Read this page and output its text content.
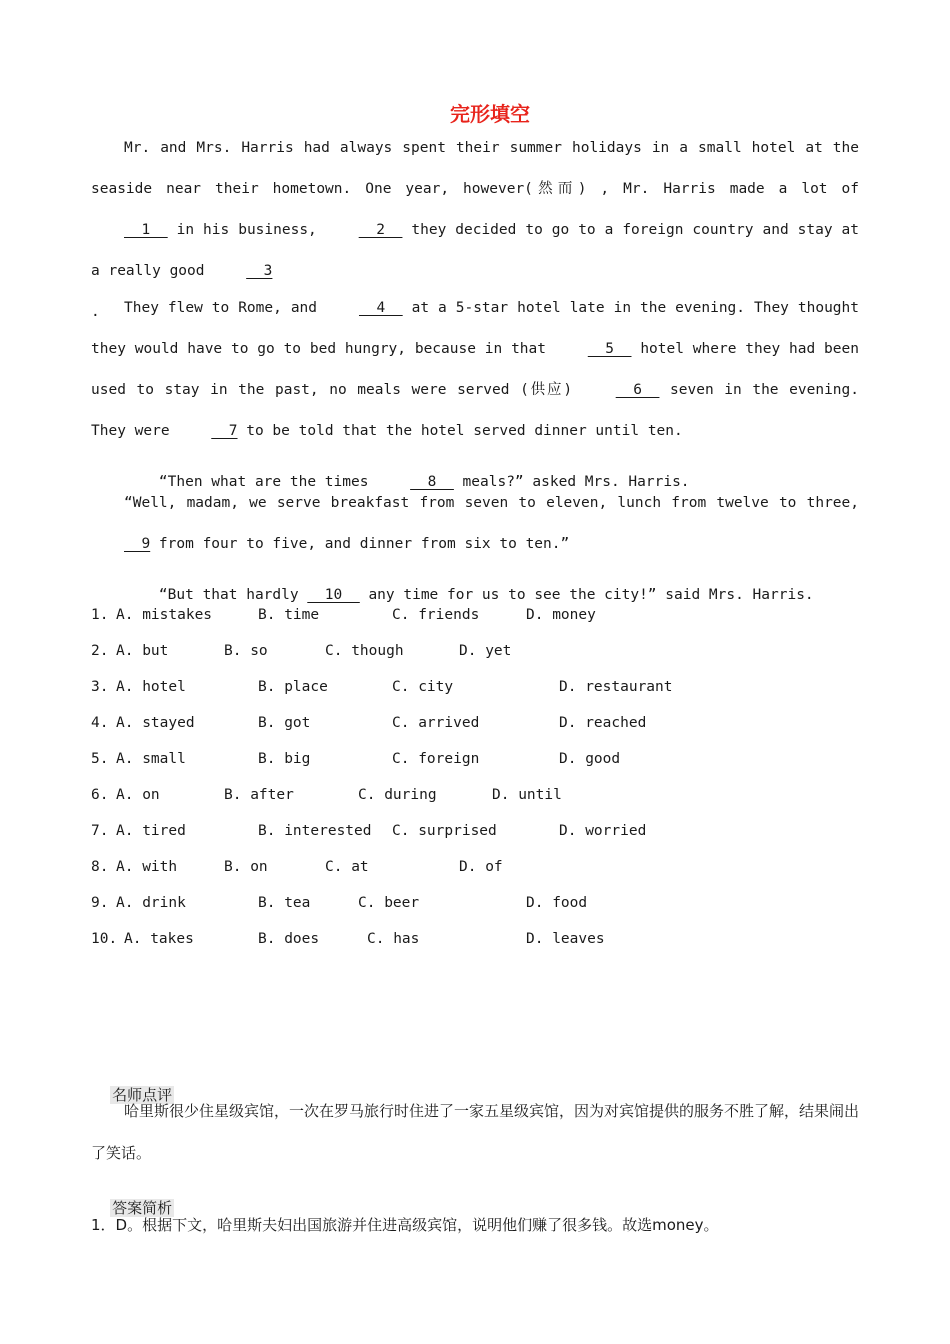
完形填空
Mr. and Mrs. Harris had always spent their summer holidays in a small hotel at the seaside near their hometown. One year, however(然而) , Mr. Harris made a lot of __1__ in his business, __2__ they decided to go to a foreign country and stay at a really good __3
.	They flew to Rome, and __4__ at a 5-star hotel late in the evening. They thought they would have to go to bed hungry, because in that __5__ hotel where they had been used to stay in the past, no meals were served (供应) __6__ seven in the evening. They were __7 to be told that the hotel served dinner until ten.

“Then what are the times __8__ meals?” asked Mrs. Harris.

“Well, madam, we serve breakfast from seven to eleven, lunch from twelve to three, __9 from four to five, and dinner from six to ten.”

“But that hardly __10__ any time for us to see the city!” said Mrs. Harris.

1.

A. mistakes

	B. time

	C. friends

	D. money

2.

A. but

	B. so

	C. though

	D. yet

3.

A. hotel

	B. place

	C. city

	D. restaurant

4.

A. stayed

	B. got

	C. arrived

	D. reached

5.

A. small

	B. big

	C. foreign

	D. good

6.

A. on

	B. after

	C. during

	D. until

7.

A. tired

	B. interested

C. surprised

	D. worried

8.

A. with

	B. on

	C. at

	D. of

9.

A. drink

	B. tea

	C. beer

	D. food

10.

A. takes

	B. does

	C. has

	D. leaves

名师点评

哈里斯很少住星级宾馆，一次在罗马旅行时住进了一家五星级宾馆，因为对宾馆提供的服务不胜了解，结果闹出了笑话。

答案简析

1．D。根据下文，哈里斯夫妇出国旅游并住进高级宾馆，说明他们赚了很多钱。故选money。
